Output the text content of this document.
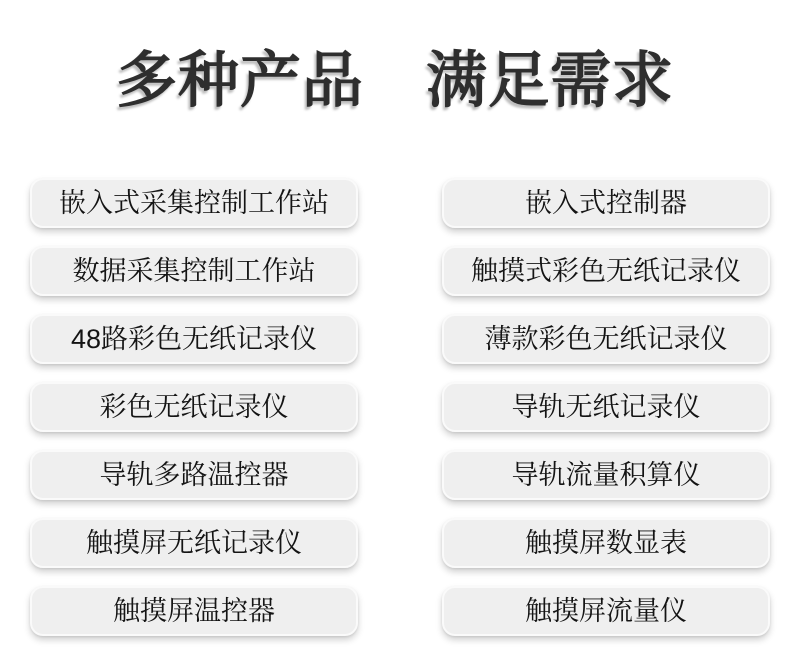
多种产品　满足需求
嵌入式采集控制工作站
数据采集控制工作站
48路彩色无纸记录仪
彩色无纸记录仪
导轨多路温控器
触摸屏无纸记录仪
触摸屏温控器
嵌入式控制器
触摸式彩色无纸记录仪
薄款彩色无纸记录仪
导轨无纸记录仪
导轨流量积算仪
触摸屏数显表
触摸屏流量仪
